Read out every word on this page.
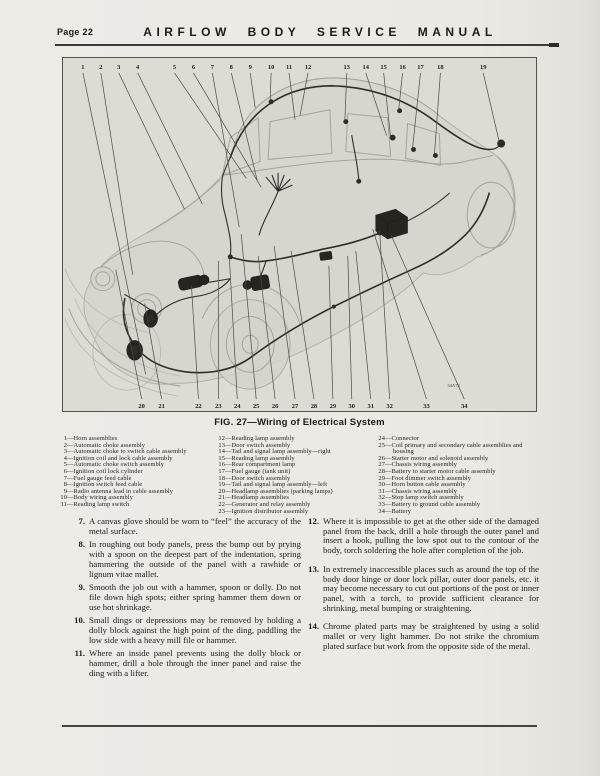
Page 22	AIRFLOW BODY SERVICE MANUAL
1 2 3 4	5 6 7 8 9 10 11 12	13 14 15 16 17 18	19
20 21	22 23 24 25 26 27 28 29 30 31 32	33	34
34A72
FIG. 27—Wiring of Electrical System
1—Horn assemblies
2—Automatic choke assembly
3—Automatic choke to switch cable assembly
4—Ignition coil and lock cable assembly
5—Automatic choke switch assembly
6—Ignition coil lock cylinder
7—Fuel gauge feed cable
8—Ignition switch feed cable
9—Radio antenna lead in cable assembly
10—Body wiring assembly
11—Reading lamp switch
12—Reading lamp assembly
13—Door switch assembly
14—Tail and signal lamp assembly—right
15—Reading lamp assembly
16—Rear compartment lamp
17—Fuel gauge (tank unit)
18—Door switch assembly
19—Tail and signal lamp assembly—left
20—Headlamp assemblies (parking lamps)
21—Headlamp assemblies
22—Generator and relay assembly
23—Ignition distributor assembly
24—Connector
25—Coil primary and secondary cable assemblies and housing
26—Starter motor and solenoid assembly
27—Chassis wiring assembly
28—Battery to starter motor cable assembly
29—Foot dimmer switch assembly
30—Horn button cable assembly
31—Chassis wiring assembly
32—Stop lamp switch assembly
33—Battery to ground cable assembly
34—Battery
7. A canvas glove should be worn to “feel” the accuracy of the metal surface.
8. In roughing out body panels, press the bump out by prying with a spoon on the deepest part of the indentation, spring hammering the outside of the panel with a rawhide or lignum vitae mallet.
9. Smooth the job out with a hammer, spoon or dolly. Do not file down high spots; either spring hammer them down or use hot shrinkage.
10. Small dings or depressions may be removed by holding a dolly block against the high point of the ding, paddling the low side with a heavy mill file or hammer.
11. Where an inside panel prevents using the dolly block or hammer, drill a hole through the inner panel and raise the ding with a lifter.
12. Where it is impossible to get at the other side of the damaged panel from the back, drill a hole through the outer panel and insert a hook, pulling the low spot out to the contour of the body, torch soldering the hole after completion of the job.
13. In extremely inaccessible places such as around the top of the body door hinge or door lock pillar, outer door panels, etc. it may become necessary to cut out portions of the post or inner panel, with a torch, to provide sufficient clearance for shrinking, metal bumping or straightening.
14. Chrome plated parts may be straightened by using a solid mallet or very light hammer. Do not strike the chromium plated surface but work from the opposite side of the metal.
